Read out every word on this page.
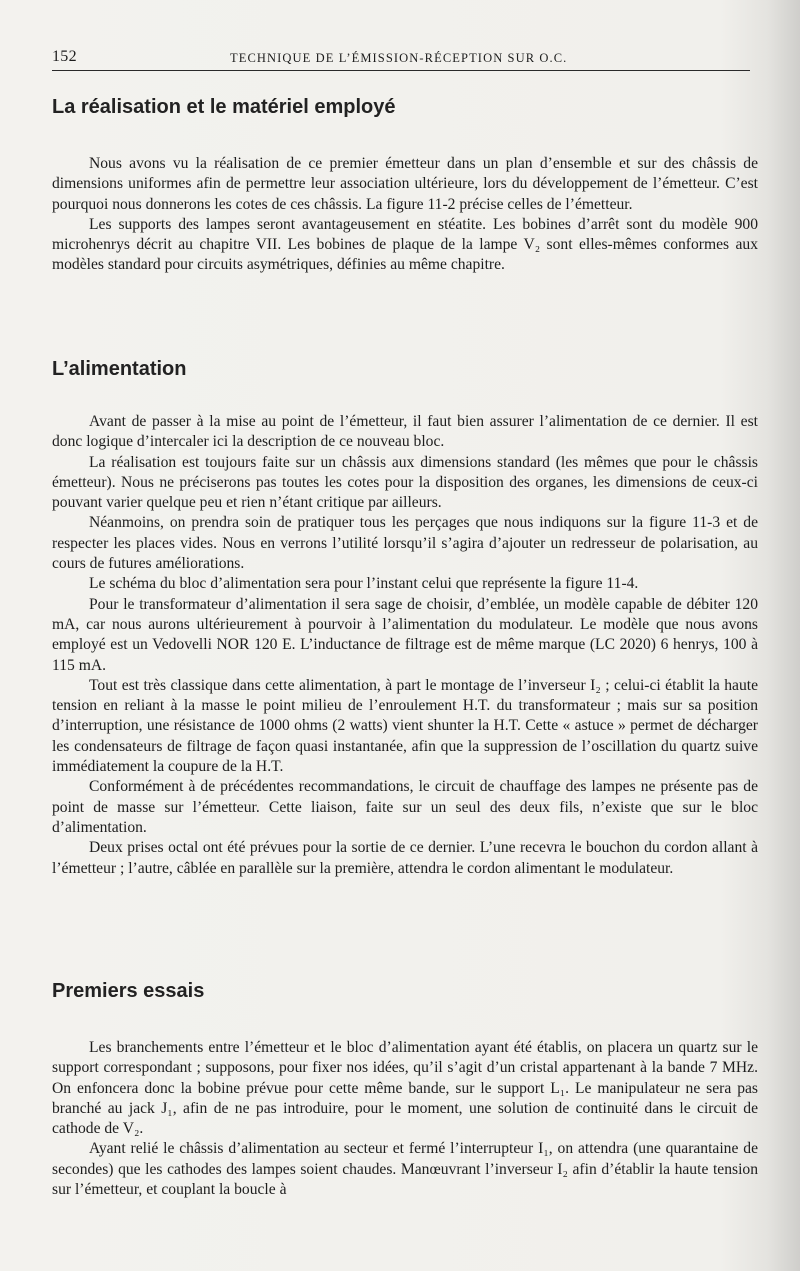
152	TECHNIQUE DE L’ÉMISSION-RÉCEPTION SUR O.C.
La réalisation et le matériel employé

Nous avons vu la réalisation de ce premier émetteur dans un plan d’ensemble et sur des châssis de dimensions uniformes afin de permettre leur association ultérieure, lors du développement de l’émetteur. C’est pourquoi nous donnerons les cotes de ces châssis. La figure 11-2 précise celles de l’émetteur.

Les supports des lampes seront avantageusement en stéatite. Les bobines d’arrêt sont du modèle 900 microhenrys décrit au chapitre VII. Les bobines de plaque de la lampe V₂ sont elles-mêmes conformes aux modèles standard pour circuits asymétriques, définies au même chapitre.

L’alimentation

Avant de passer à la mise au point de l’émetteur, il faut bien assurer l’alimentation de ce dernier. Il est donc logique d’intercaler ici la description de ce nouveau bloc.

La réalisation est toujours faite sur un châssis aux dimensions standard (les mêmes que pour le châssis émetteur). Nous ne préciserons pas toutes les cotes pour la disposition des organes, les dimensions de ceux-ci pouvant varier quelque peu et rien n’étant critique par ailleurs.

Néanmoins, on prendra soin de pratiquer tous les perçages que nous indiquons sur la figure 11-3 et de respecter les places vides. Nous en verrons l’utilité lorsqu’il s’agira d’ajouter un redresseur de polarisation, au cours de futures améliorations.

Le schéma du bloc d’alimentation sera pour l’instant celui que représente la figure 11-4.

Pour le transformateur d’alimentation il sera sage de choisir, d’emblée, un modèle capable de débiter 120 mA, car nous aurons ultérieurement à pourvoir à l’alimentation du modulateur. Le modèle que nous avons employé est un Vedovelli NOR 120 E. L’inductance de filtrage est de même marque (LC 2020) 6 henrys, 100 à 115 mA.

Tout est très classique dans cette alimentation, à part le montage de l’inverseur I₂ ; celui-ci établit la haute tension en reliant à la masse le point milieu de l’enroulement H.T. du transformateur ; mais sur sa position d’interruption, une résistance de 1000 ohms (2 watts) vient shunter la H.T. Cette « astuce » permet de décharger les condensateurs de filtrage de façon quasi instantanée, afin que la suppression de l’oscillation du quartz suive immédiatement la coupure de la H.T.

Conformément à de précédentes recommandations, le circuit de chauffage des lampes ne présente pas de point de masse sur l’émetteur. Cette liaison, faite sur un seul des deux fils, n’existe que sur le bloc d’alimentation.

Deux prises octal ont été prévues pour la sortie de ce dernier. L’une recevra le bouchon du cordon allant à l’émetteur ; l’autre, câblée en parallèle sur la première, attendra le cordon alimentant le modulateur.

Premiers essais

Les branchements entre l’émetteur et le bloc d’alimentation ayant été établis, on placera un quartz sur le support correspondant ; supposons, pour fixer nos idées, qu’il s’agit d’un cristal appartenant à la bande 7 MHz. On enfoncera donc la bobine prévue pour cette même bande, sur le support L₁. Le manipulateur ne sera pas branché au jack J₁, afin de ne pas introduire, pour le moment, une solution de continuité dans le circuit de cathode de V₂.

Ayant relié le châssis d’alimentation au secteur et fermé l’interrupteur I₁, on attendra (une quarantaine de secondes) que les cathodes des lampes soient chaudes. Manœuvrant l’inverseur I₂ afin d’établir la haute tension sur l’émetteur, et couplant la boucle à
